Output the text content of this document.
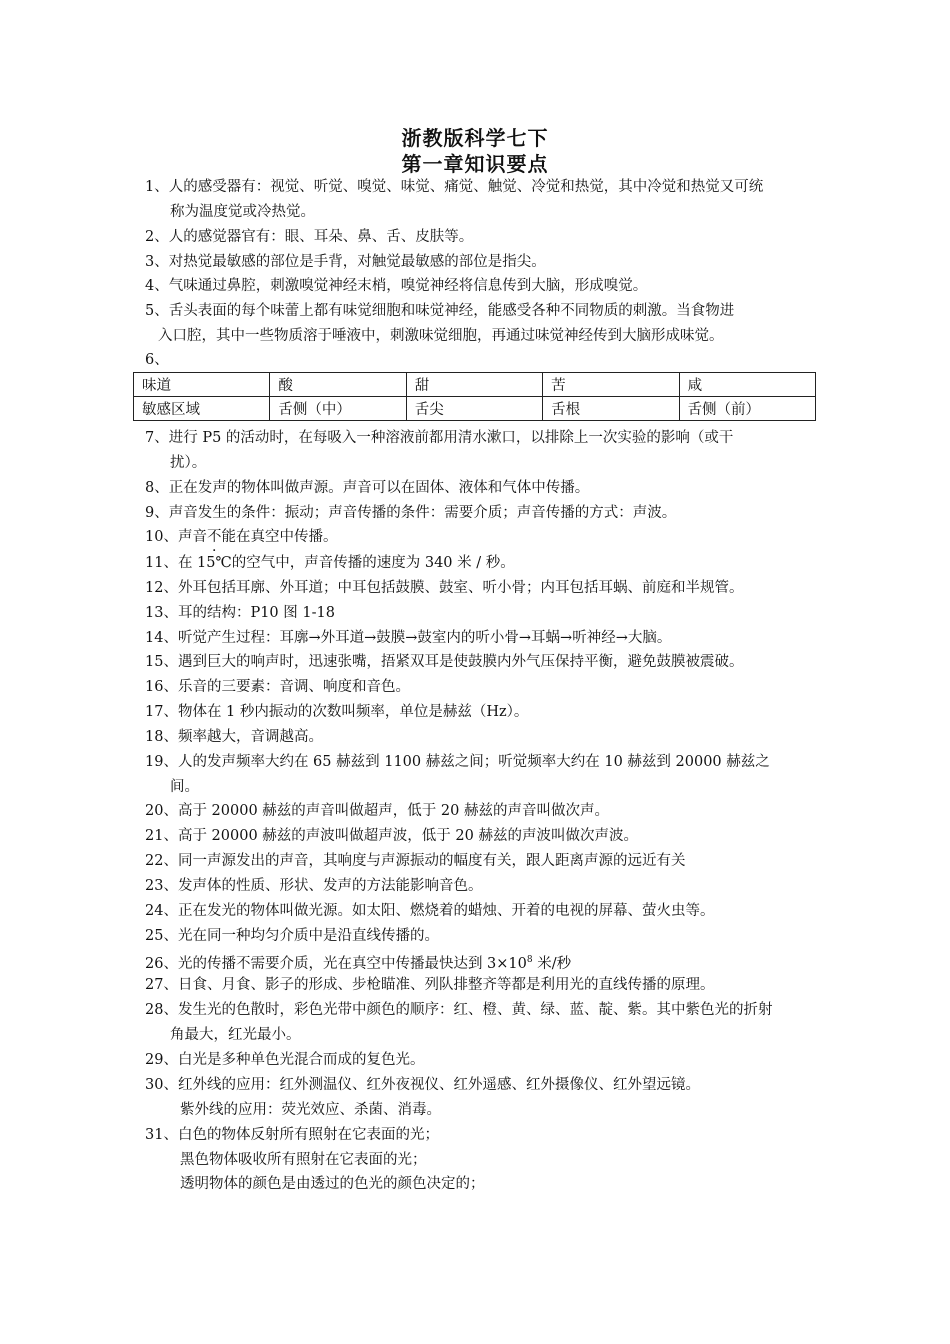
浙教版科学七下
第一章知识要点
1、人的感受器有：视觉、听觉、嗅觉、味觉、痛觉、触觉、冷觉和热觉，其中冷觉和热觉又可统
称为温度觉或冷热觉。
2、人的感觉器官有：眼、耳朵、鼻、舌、皮肤等。
3、对热觉最敏感的部位是手背，对触觉最敏感的部位是指尖。
4、气味通过鼻腔，刺激嗅觉神经末梢，嗅觉神经将信息传到大脑，形成嗅觉。
5、舌头表面的每个味蕾上都有味觉细胞和味觉神经，能感受各种不同物质的刺激。当食物进
入口腔，其中一些物质溶于唾液中，刺激味觉细胞，再通过味觉神经传到大脑形成味觉。
6、
味道	酸	甜	苦	咸
敏感区域	舌侧（中）	舌尖	舌根	舌侧（前）
7、进行 P5 的活动时，在每吸入一种溶液前都用清水漱口，以排除上一次实验的影响（或干
扰）。
8、正在发声的物体叫做声源。声音可以在固体、液体和气体中传播。
9、声音发生的条件：振动；声音传播的条件：需要介质；声音传播的方式：声波。
10、声音不能在真空中传播。
11、在 15℃的空气中，声音传播的速度为 340 米 / 秒。
12、外耳包括耳廓、外耳道；中耳包括鼓膜、鼓室、听小骨；内耳包括耳蜗、前庭和半规管。
13、耳的结构：P10 图 1-18
14、听觉产生过程：耳廓→外耳道→鼓膜→鼓室内的听小骨→耳蜗→听神经→大脑。
15、遇到巨大的响声时，迅速张嘴，捂紧双耳是使鼓膜内外气压保持平衡，避免鼓膜被震破。
16、乐音的三要素：音调、响度和音色。
17、物体在 1 秒内振动的次数叫频率，单位是赫兹（Hz）。
18、频率越大，音调越高。
19、人的发声频率大约在 65 赫兹到 1100 赫兹之间；听觉频率大约在 10 赫兹到 20000 赫兹之
间。
20、高于 20000 赫兹的声音叫做超声，低于 20 赫兹的声音叫做次声。
21、高于 20000 赫兹的声波叫做超声波，低于 20 赫兹的声波叫做次声波。
22、同一声源发出的声音，其响度与声源振动的幅度有关，跟人距离声源的远近有关
23、发声体的性质、形状、发声的方法能影响音色。
24、正在发光的物体叫做光源。如太阳、燃烧着的蜡烛、开着的电视的屏幕、萤火虫等。
25、光在同一种均匀介质中是沿直线传播的。
26、光的传播不需要介质，光在真空中传播最快达到 $3\times 10^8$ 米/秒
27、日食、月食、影子的形成、步枪瞄准、列队排整齐等都是利用光的直线传播的原理。
28、发生光的色散时，彩色光带中颜色的顺序：红、橙、黄、绿、蓝、靛、紫。其中紫色光的折射
角最大，红光最小。
29、白光是多种单色光混合而成的复色光。
30、红外线的应用：红外测温仪、红外夜视仪、红外遥感、红外摄像仪、红外望远镜。
紫外线的应用：荧光效应、杀菌、消毒。
31、白色的物体反射所有照射在它表面的光；
黑色物体吸收所有照射在它表面的光；
透明物体的颜色是由透过的色光的颜色决定的；
